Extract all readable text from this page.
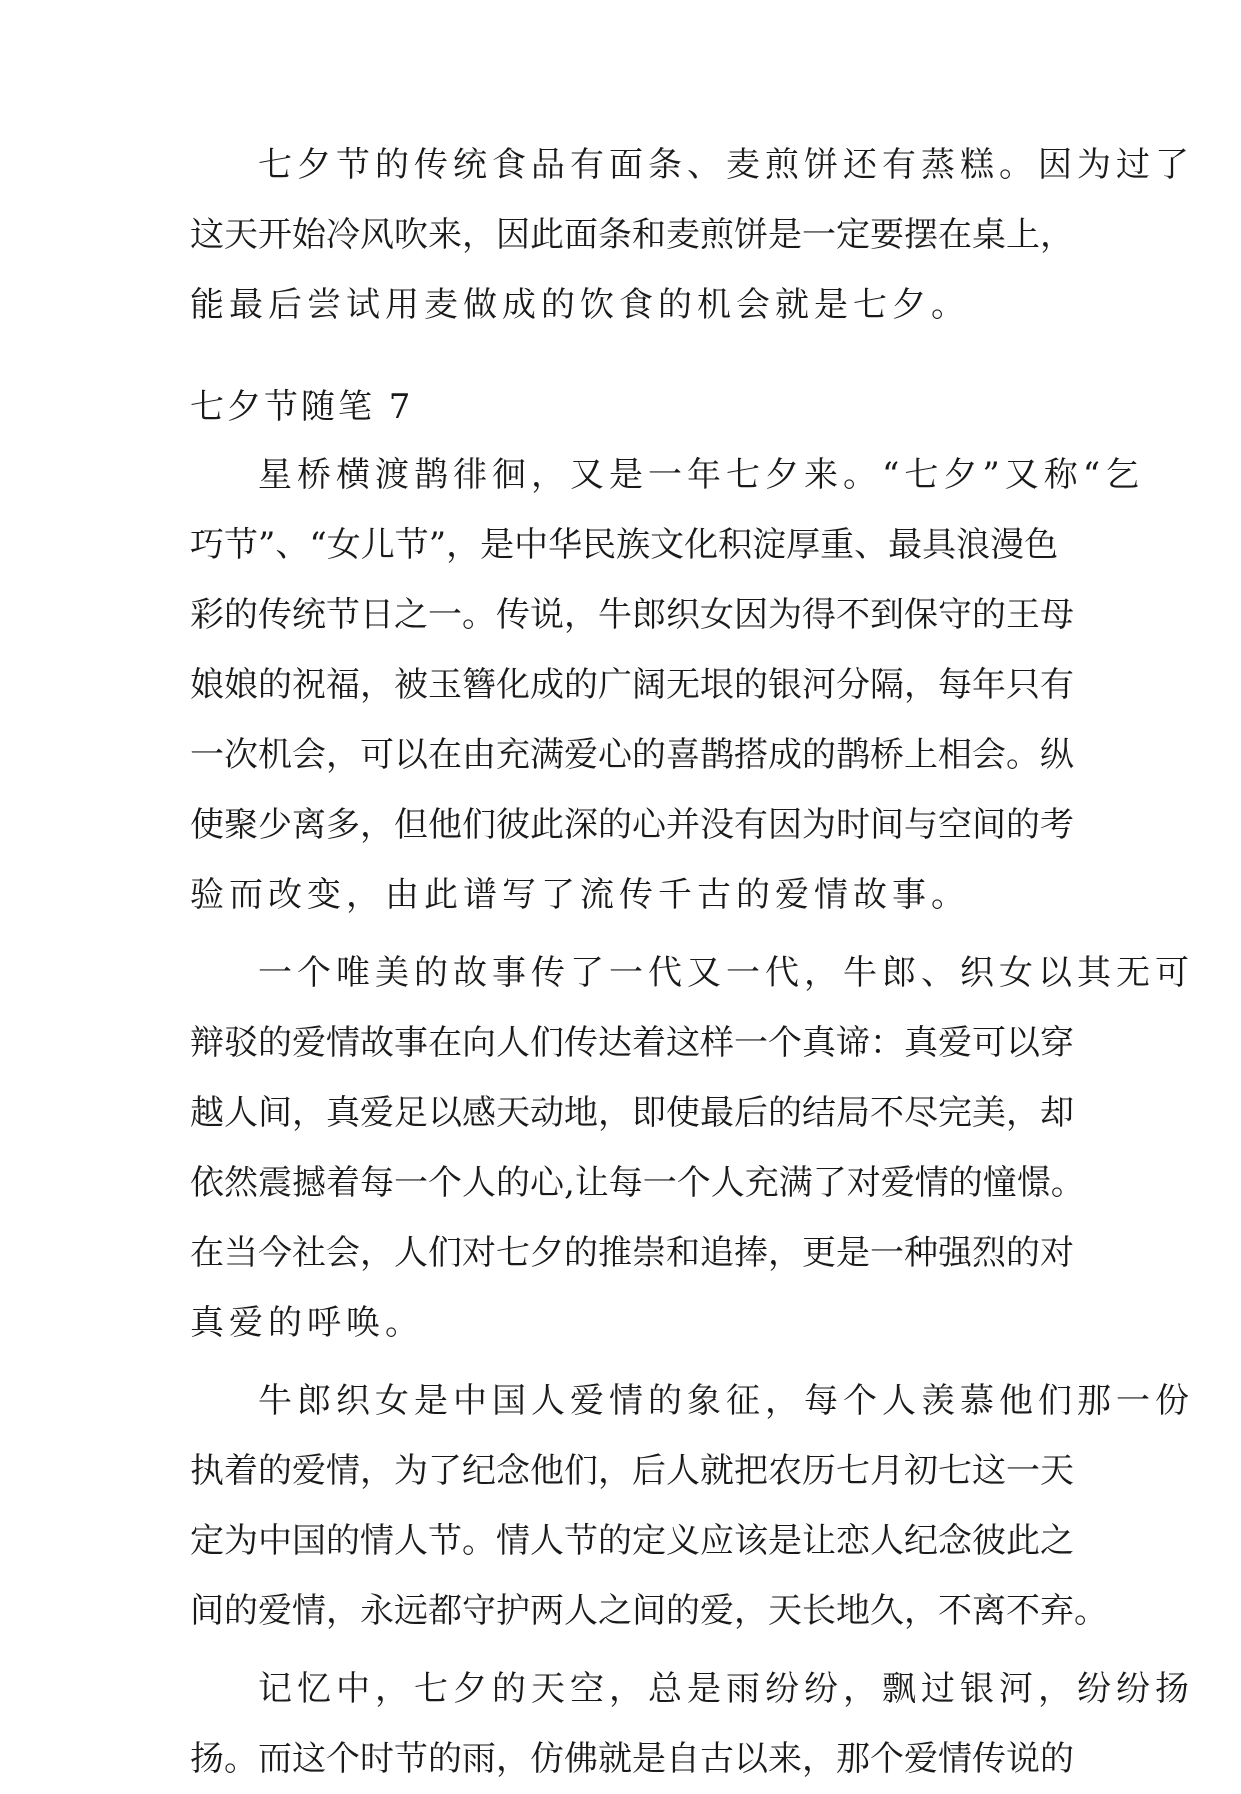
七夕节的传统食品有面条、麦煎饼还有蒸糕。因为过了
这天开始冷风吹来，因此面条和麦煎饼是一定要摆在桌上，
能最后尝试用麦做成的饮食的机会就是七夕。
七夕节随笔 7
星桥横渡鹊徘徊，又是一年七夕来。“七夕”又称“乞
巧节”、“女儿节”，是中华民族文化积淀厚重、最具浪漫色
彩的传统节日之一。传说，牛郎织女因为得不到保守的王母
娘娘的祝福，被玉簪化成的广阔无垠的银河分隔，每年只有
一次机会，可以在由充满爱心的喜鹊搭成的鹊桥上相会。纵
使聚少离多，但他们彼此深的心并没有因为时间与空间的考
验而改变，由此谱写了流传千古的爱情故事。
一个唯美的故事传了一代又一代，牛郎、织女以其无可
辩驳的爱情故事在向人们传达着这样一个真谛：真爱可以穿
越人间，真爱足以感天动地，即使最后的结局不尽完美，却
依然震撼着每一个人的心,让每一个人充满了对爱情的憧憬。
在当今社会，人们对七夕的推崇和追捧，更是一种强烈的对
真爱的呼唤。
牛郎织女是中国人爱情的象征，每个人羡慕他们那一份
执着的爱情，为了纪念他们，后人就把农历七月初七这一天
定为中国的情人节。情人节的定义应该是让恋人纪念彼此之
间的爱情，永远都守护两人之间的爱，天长地久，不离不弃。
记忆中，七夕的天空，总是雨纷纷，飘过银河，纷纷扬
扬。而这个时节的雨，仿佛就是自古以来，那个爱情传说的
